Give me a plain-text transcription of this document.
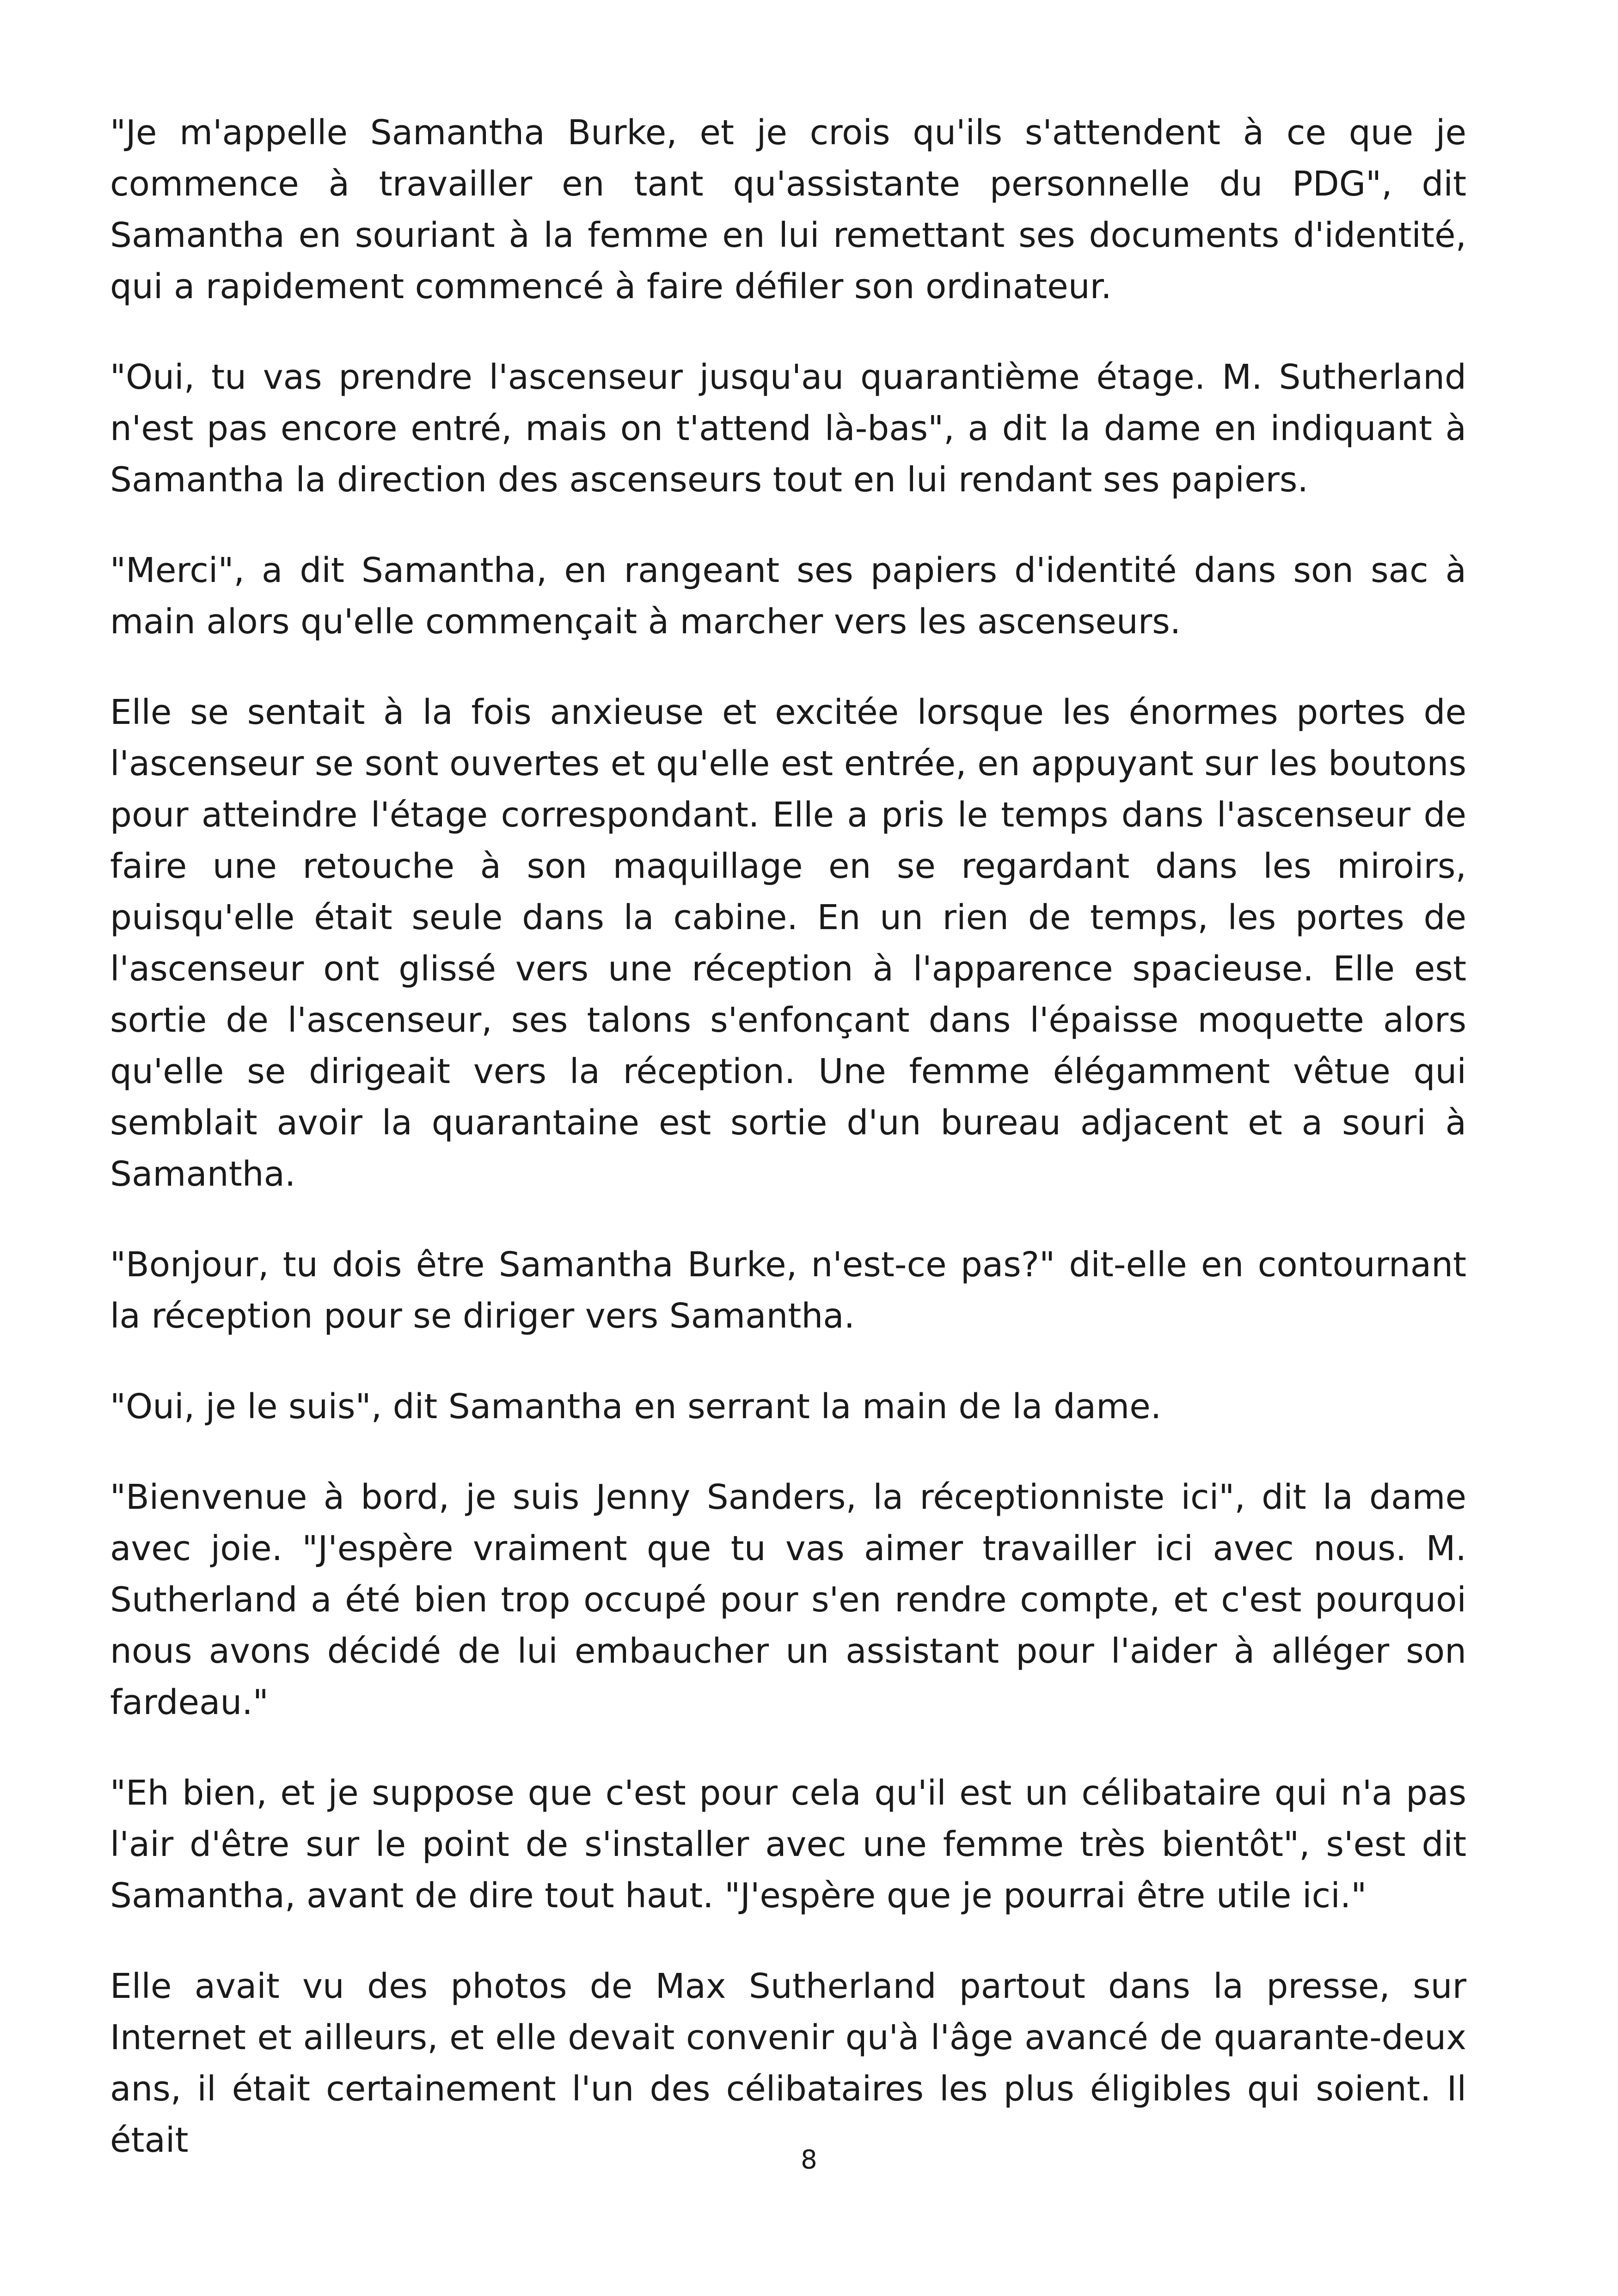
"Je m'appelle Samantha Burke, et je crois qu'ils s'attendent à ce que je commence à travailler en tant qu'assistante personnelle du PDG", dit Samantha en souriant à la femme en lui remettant ses documents d'identité, qui a rapidement commencé à faire défiler son ordinateur.

"Oui, tu vas prendre l'ascenseur jusqu'au quarantième étage. M. Sutherland n'est pas encore entré, mais on t'attend là-bas", a dit la dame en indiquant à Samantha la direction des ascenseurs tout en lui rendant ses papiers.

"Merci", a dit Samantha, en rangeant ses papiers d'identité dans son sac à main alors qu'elle commençait à marcher vers les ascenseurs.

Elle se sentait à la fois anxieuse et excitée lorsque les énormes portes de l'ascenseur se sont ouvertes et qu'elle est entrée, en appuyant sur les boutons pour atteindre l'étage correspondant. Elle a pris le temps dans l'ascenseur de faire une retouche à son maquillage en se regardant dans les miroirs, puisqu'elle était seule dans la cabine. En un rien de temps, les portes de l'ascenseur ont glissé vers une réception à l'apparence spacieuse. Elle est sortie de l'ascenseur, ses talons s'enfonçant dans l'épaisse moquette alors qu'elle se dirigeait vers la réception. Une femme élégamment vêtue qui semblait avoir la quarantaine est sortie d'un bureau adjacent et a souri à Samantha.

"Bonjour, tu dois être Samantha Burke, n'est-ce pas?" dit-elle en contournant la réception pour se diriger vers Samantha.

"Oui, je le suis", dit Samantha en serrant la main de la dame.

"Bienvenue à bord, je suis Jenny Sanders, la réceptionniste ici", dit la dame avec joie. "J'espère vraiment que tu vas aimer travailler ici avec nous. M. Sutherland a été bien trop occupé pour s'en rendre compte, et c'est pourquoi nous avons décidé de lui embaucher un assistant pour l'aider à alléger son fardeau."

"Eh bien, et je suppose que c'est pour cela qu'il est un célibataire qui n'a pas l'air d'être sur le point de s'installer avec une femme très bientôt", s'est dit Samantha, avant de dire tout haut. "J'espère que je pourrai être utile ici."

Elle avait vu des photos de Max Sutherland partout dans la presse, sur Internet et ailleurs, et elle devait convenir qu'à l'âge avancé de quarante-deux ans, il était certainement l'un des célibataires les plus éligibles qui soient. Il était	8
